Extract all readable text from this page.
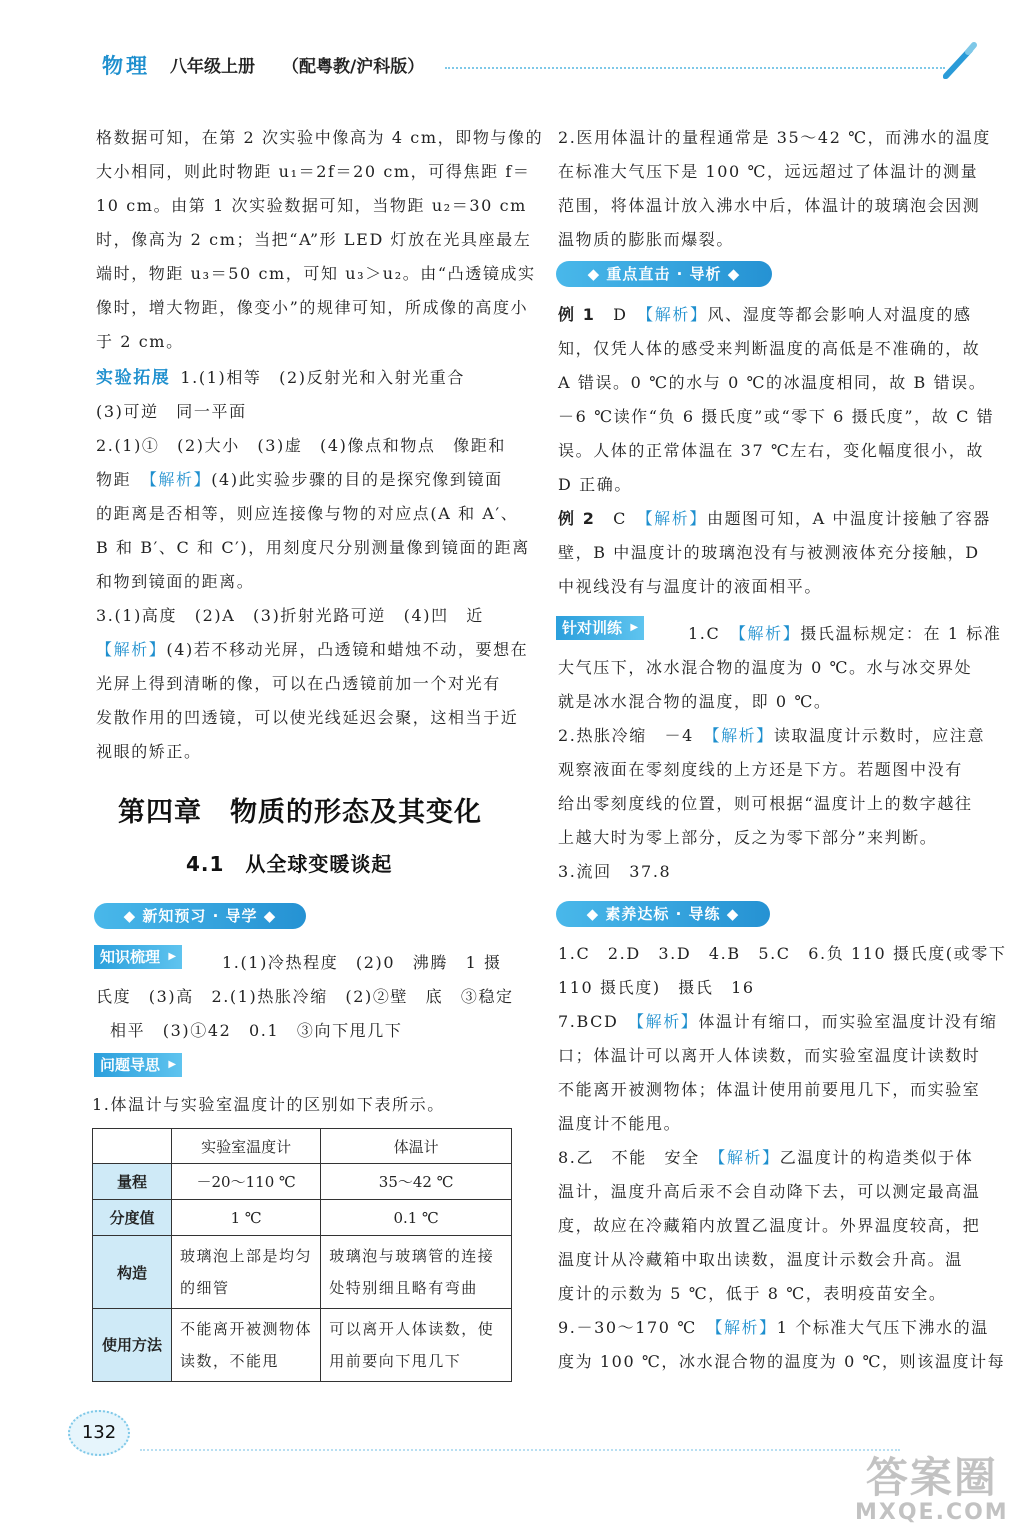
物理 八年级上册 （配粤教/沪科版）
格数据可知，在第 2 次实验中像高为 4 cm，即物与像的
大小相同，则此时物距 u₁＝2f＝20 cm，可得焦距 f＝
10 cm。由第 1 次实验数据可知，当物距 u₂＝30 cm
时，像高为 2 cm；当把“A”形 LED 灯放在光具座最左
端时，物距 u₃＝50 cm，可知 u₃＞u₂。由“凸透镜成实
像时，增大物距，像变小”的规律可知，所成像的高度小
于 2 cm。
实验拓展 1.(1)相等　(2)反射光和入射光重合
(3)可逆　同一平面
2.(1)①　(2)大小　(3)虚　(4)像点和物点　像距和
物距　【解析】(4)此实验步骤的目的是探究像到镜面
的距离是否相等，则应连接像与物的对应点(A 和 A′、
B 和 B′、C 和 C′)，用刻度尺分别测量像到镜面的距离
和物到镜面的距离。
3.(1)高度　(2)A　(3)折射光路可逆　(4)凹　近
【解析】(4)若不移动光屏，凸透镜和蜡烛不动，要想在
光屏上得到清晰的像，可以在凸透镜前加一个对光有
发散作用的凹透镜，可以使光线延迟会聚，这相当于近
视眼的矫正。
第四章　物质的形态及其变化
4.1　从全球变暖谈起
◆ 新知预习 · 导学 ◆
知识梳理 ▶	1.(1)冷热程度　(2)0　沸腾　1 摄
氏度　(3)高　2.(1)热胀冷缩　(2)②壁　底　③稳定
相平　(3)①42　0.1　③向下甩几下
问题导思 ▶
1.体温计与实验室温度计的区别如下表所示。
	实验室温度计	体温计
量程	－20～110 ℃	35～42 ℃
分度值	1 ℃	0.1 ℃
构造	玻璃泡上部是均匀的细管	玻璃泡与玻璃管的连接处特别细且略有弯曲
使用方法	不能离开被测物体读数，不能甩	可以离开人体读数，使用前要向下甩几下
2.医用体温计的量程通常是 35～42 ℃，而沸水的温度
在标准大气压下是 100 ℃，远远超过了体温计的测量
范围，将体温计放入沸水中后，体温计的玻璃泡会因测
温物质的膨胀而爆裂。
◆ 重点直击 · 导析 ◆
例 1　 D　 【解析】风、湿度等都会影响人对温度的感
知，仅凭人体的感受来判断温度的高低是不准确的，故
A 错误。0 ℃的水与 0 ℃的冰温度相同，故 B 错误。
－6 ℃读作“负 6 摄氏度”或“零下 6 摄氏度”，故 C 错
误。人体的正常体温在 37 ℃左右，变化幅度很小，故
D 正确。
例 2　 C　 【解析】由题图可知，A 中温度计接触了容器
壁，B 中温度计的玻璃泡没有与被测液体充分接触，D
中视线没有与温度计的液面相平。
针对训练 ▶	1.C　 【解析】摄氏温标规定：在 1 标准
大气压下，冰水混合物的温度为 0 ℃。水与冰交界处
就是冰水混合物的温度，即 0 ℃。
2.热胀冷缩　－4　 【解析】读取温度计示数时，应注意
观察液面在零刻度线的上方还是下方。若题图中没有
给出零刻度线的位置，则可根据“温度计上的数字越往
上越大时为零上部分，反之为零下部分”来判断。
3.流回　37.8
◆ 素养达标 · 导练 ◆
1.C　2.D　3.D　4.B　5.C　6.负 110 摄氏度(或零下
110 摄氏度)　摄氏　16
7.BCD　 【解析】体温计有缩口，而实验室温度计没有缩
口；体温计可以离开人体读数，而实验室温度计读数时
不能离开被测物体；体温计使用前要甩几下，而实验室
温度计不能甩。
8.乙　不能　安全　 【解析】乙温度计的构造类似于体
温计，温度升高后汞不会自动降下去，可以测定最高温
度，故应在冷藏箱内放置乙温度计。外界温度较高，把
温度计从冷藏箱中取出读数，温度计示数会升高。温
度计的示数为 5 ℃，低于 8 ℃，表明疫苗安全。
9.－30～170 ℃　 【解析】1 个标准大气压下沸水的温
度为 100 ℃，冰水混合物的温度为 0 ℃，则该温度计每
132
答案圈
MXQE.COM
